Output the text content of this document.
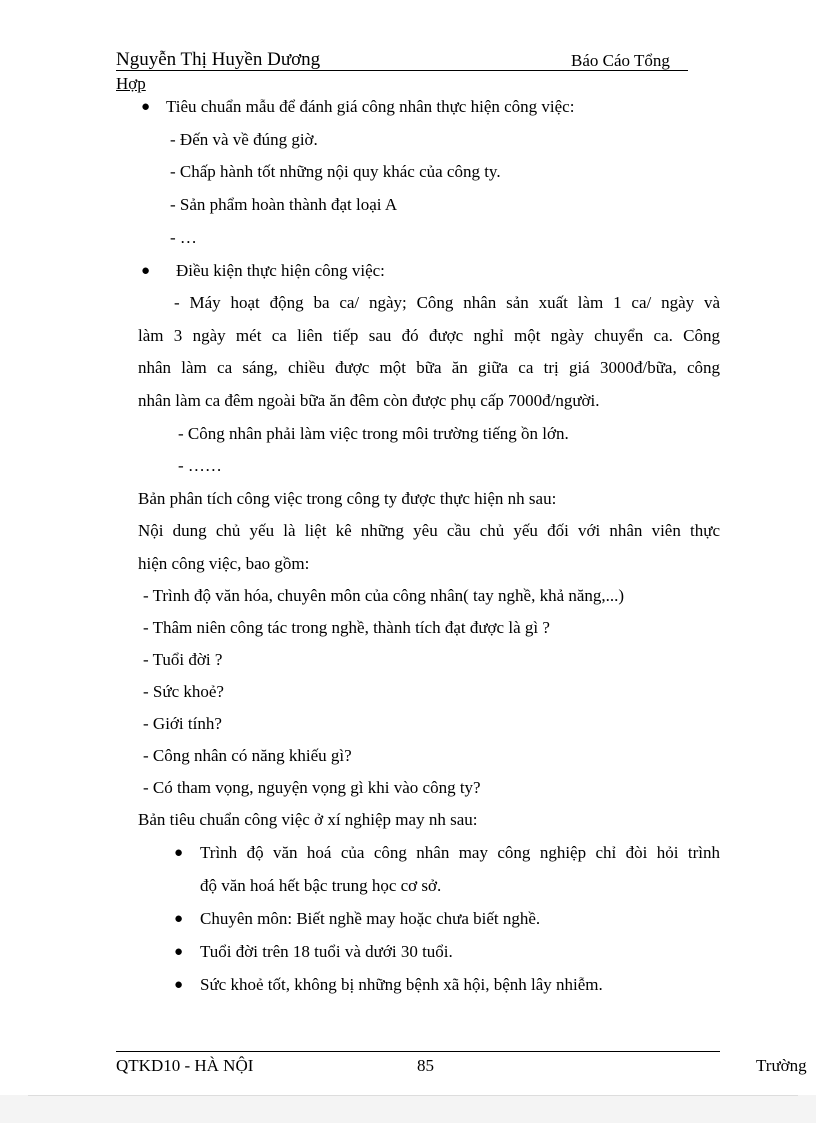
Nguyễn Thị Huyền Dương	Báo Cáo Tổng
Hợp
● Tiêu chuẩn mẫu để đánh giá công nhân thực hiện công việc:
- Đến và về đúng giờ.
- Chấp hành tốt những nội quy khác của công ty.
- Sản phẩm hoàn thành đạt loại A
- …
● Điều kiện thực hiện công việc:
- Máy hoạt động ba ca/ ngày; Công nhân sản xuất làm 1 ca/ ngày và
làm 3 ngày mét ca liên tiếp sau đó được nghỉ một ngày chuyển ca. Công
nhân làm ca sáng, chiều được một bữa ăn giữa ca trị giá 3000đ/bữa, công
nhân làm ca đêm ngoài bữa ăn đêm còn được phụ cấp 7000đ/người.
- Công nhân phải làm việc trong môi trường tiếng ồn lớn.
- ……
Bản phân tích công việc trong công ty được thực hiện nh sau:
Nội dung chủ yếu là liệt kê những yêu cầu chủ yếu đối với nhân viên thực
hiện công việc, bao gồm:
- Trình độ văn hóa, chuyên môn của công nhân( tay nghề, khả năng,...)
- Thâm niên công tác trong nghề, thành tích đạt được là gì ?
- Tuổi đời ?
- Sức khoẻ?
- Giới tính?
- Công nhân có năng khiếu gì?
- Có tham vọng, nguyện vọng gì khi vào công ty?
Bản tiêu chuẩn công việc ở xí nghiệp may nh sau:
● Trình độ văn hoá của công nhân may công nghiệp chỉ đòi hỏi trình
độ văn hoá hết bậc trung học cơ sở.
● Chuyên môn: Biết nghề may hoặc chưa biết nghề.
● Tuổi đời trên 18 tuổi và dưới 30 tuổi.
● Sức khoẻ tốt, không bị những bệnh xã hội, bệnh lây nhiễm.
QTKD10 - HÀ NỘI	85	Trường
